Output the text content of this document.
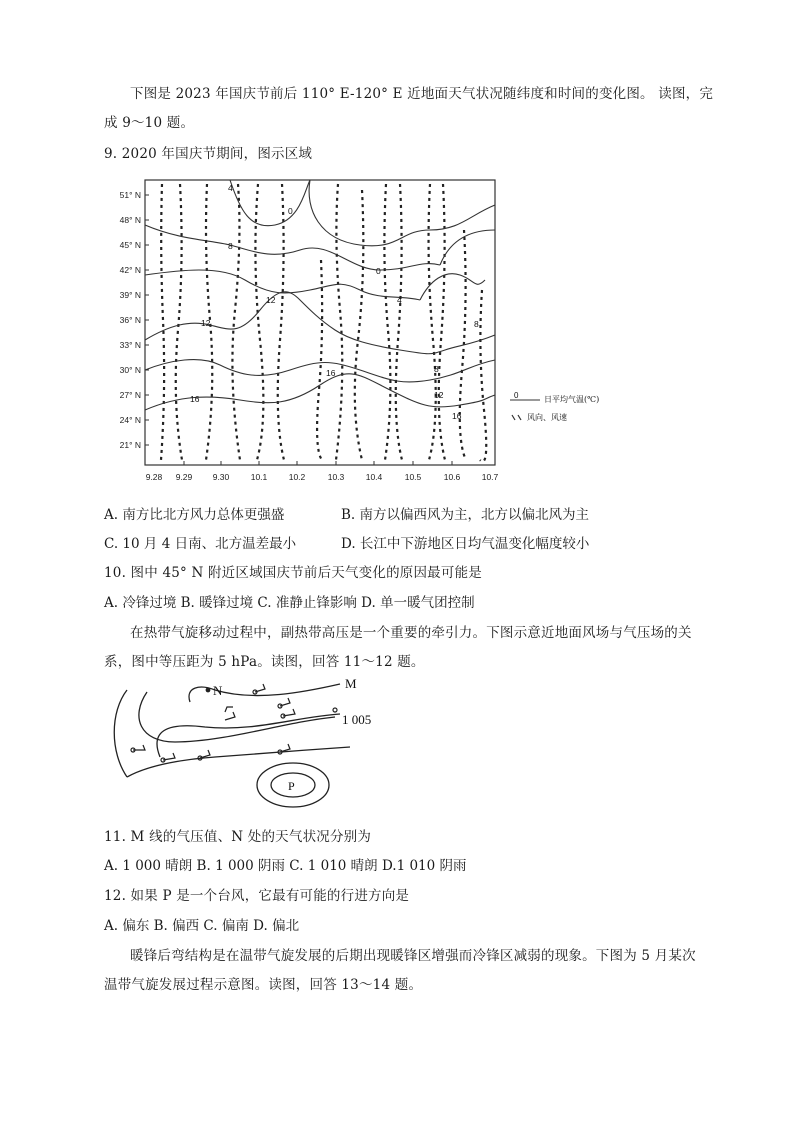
下图是 2023 年国庆节前后 110° E-120° E 近地面天气状况随纬度和时间的变化图。 读图，完
成 9～10 题。
9. 2020 年国庆节期间，图示区域
51° N
48° N
45° N
42° N
39° N
36° N
33° N
30° N
27° N
24° N
21° N
9.28 9.29 9.30	10.1	10.2	10.3	10.4	10.5	10.6	10.7
4
0
8
0
4
12
12
8
16
8
12
16
16
0	日平均气温(℃)
风向、风速
A. 南方比北方风力总体更强盛	B. 南方以偏西风为主，北方以偏北风为主
C. 10 月 4 日南、北方温差最小	D. 长江中下游地区日均气温变化幅度较小
10. 图中 45° N 附近区域国庆节前后天气变化的原因最可能是
A. 冷锋过境 B. 暖锋过境 C. 准静止锋影响 D. 单一暖气团控制
在热带气旋移动过程中，副热带高压是一个重要的牵引力。下图示意近地面风场与气压场的关
系，图中等压距为 5 hPa。读图，回答 11～12 题。
N	M
1 005
P
11. M 线的气压值、N 处的天气状况分别为
A. 1 000 晴朗 B. 1 000 阴雨 C. 1 010 晴朗 D.1 010 阴雨
12. 如果 P 是一个台风，它最有可能的行进方向是
A. 偏东 B. 偏西 C. 偏南 D. 偏北
暖锋后弯结构是在温带气旋发展的后期出现暖锋区增强而冷锋区减弱的现象。下图为 5 月某次
温带气旋发展过程示意图。读图，回答 13～14 题。
